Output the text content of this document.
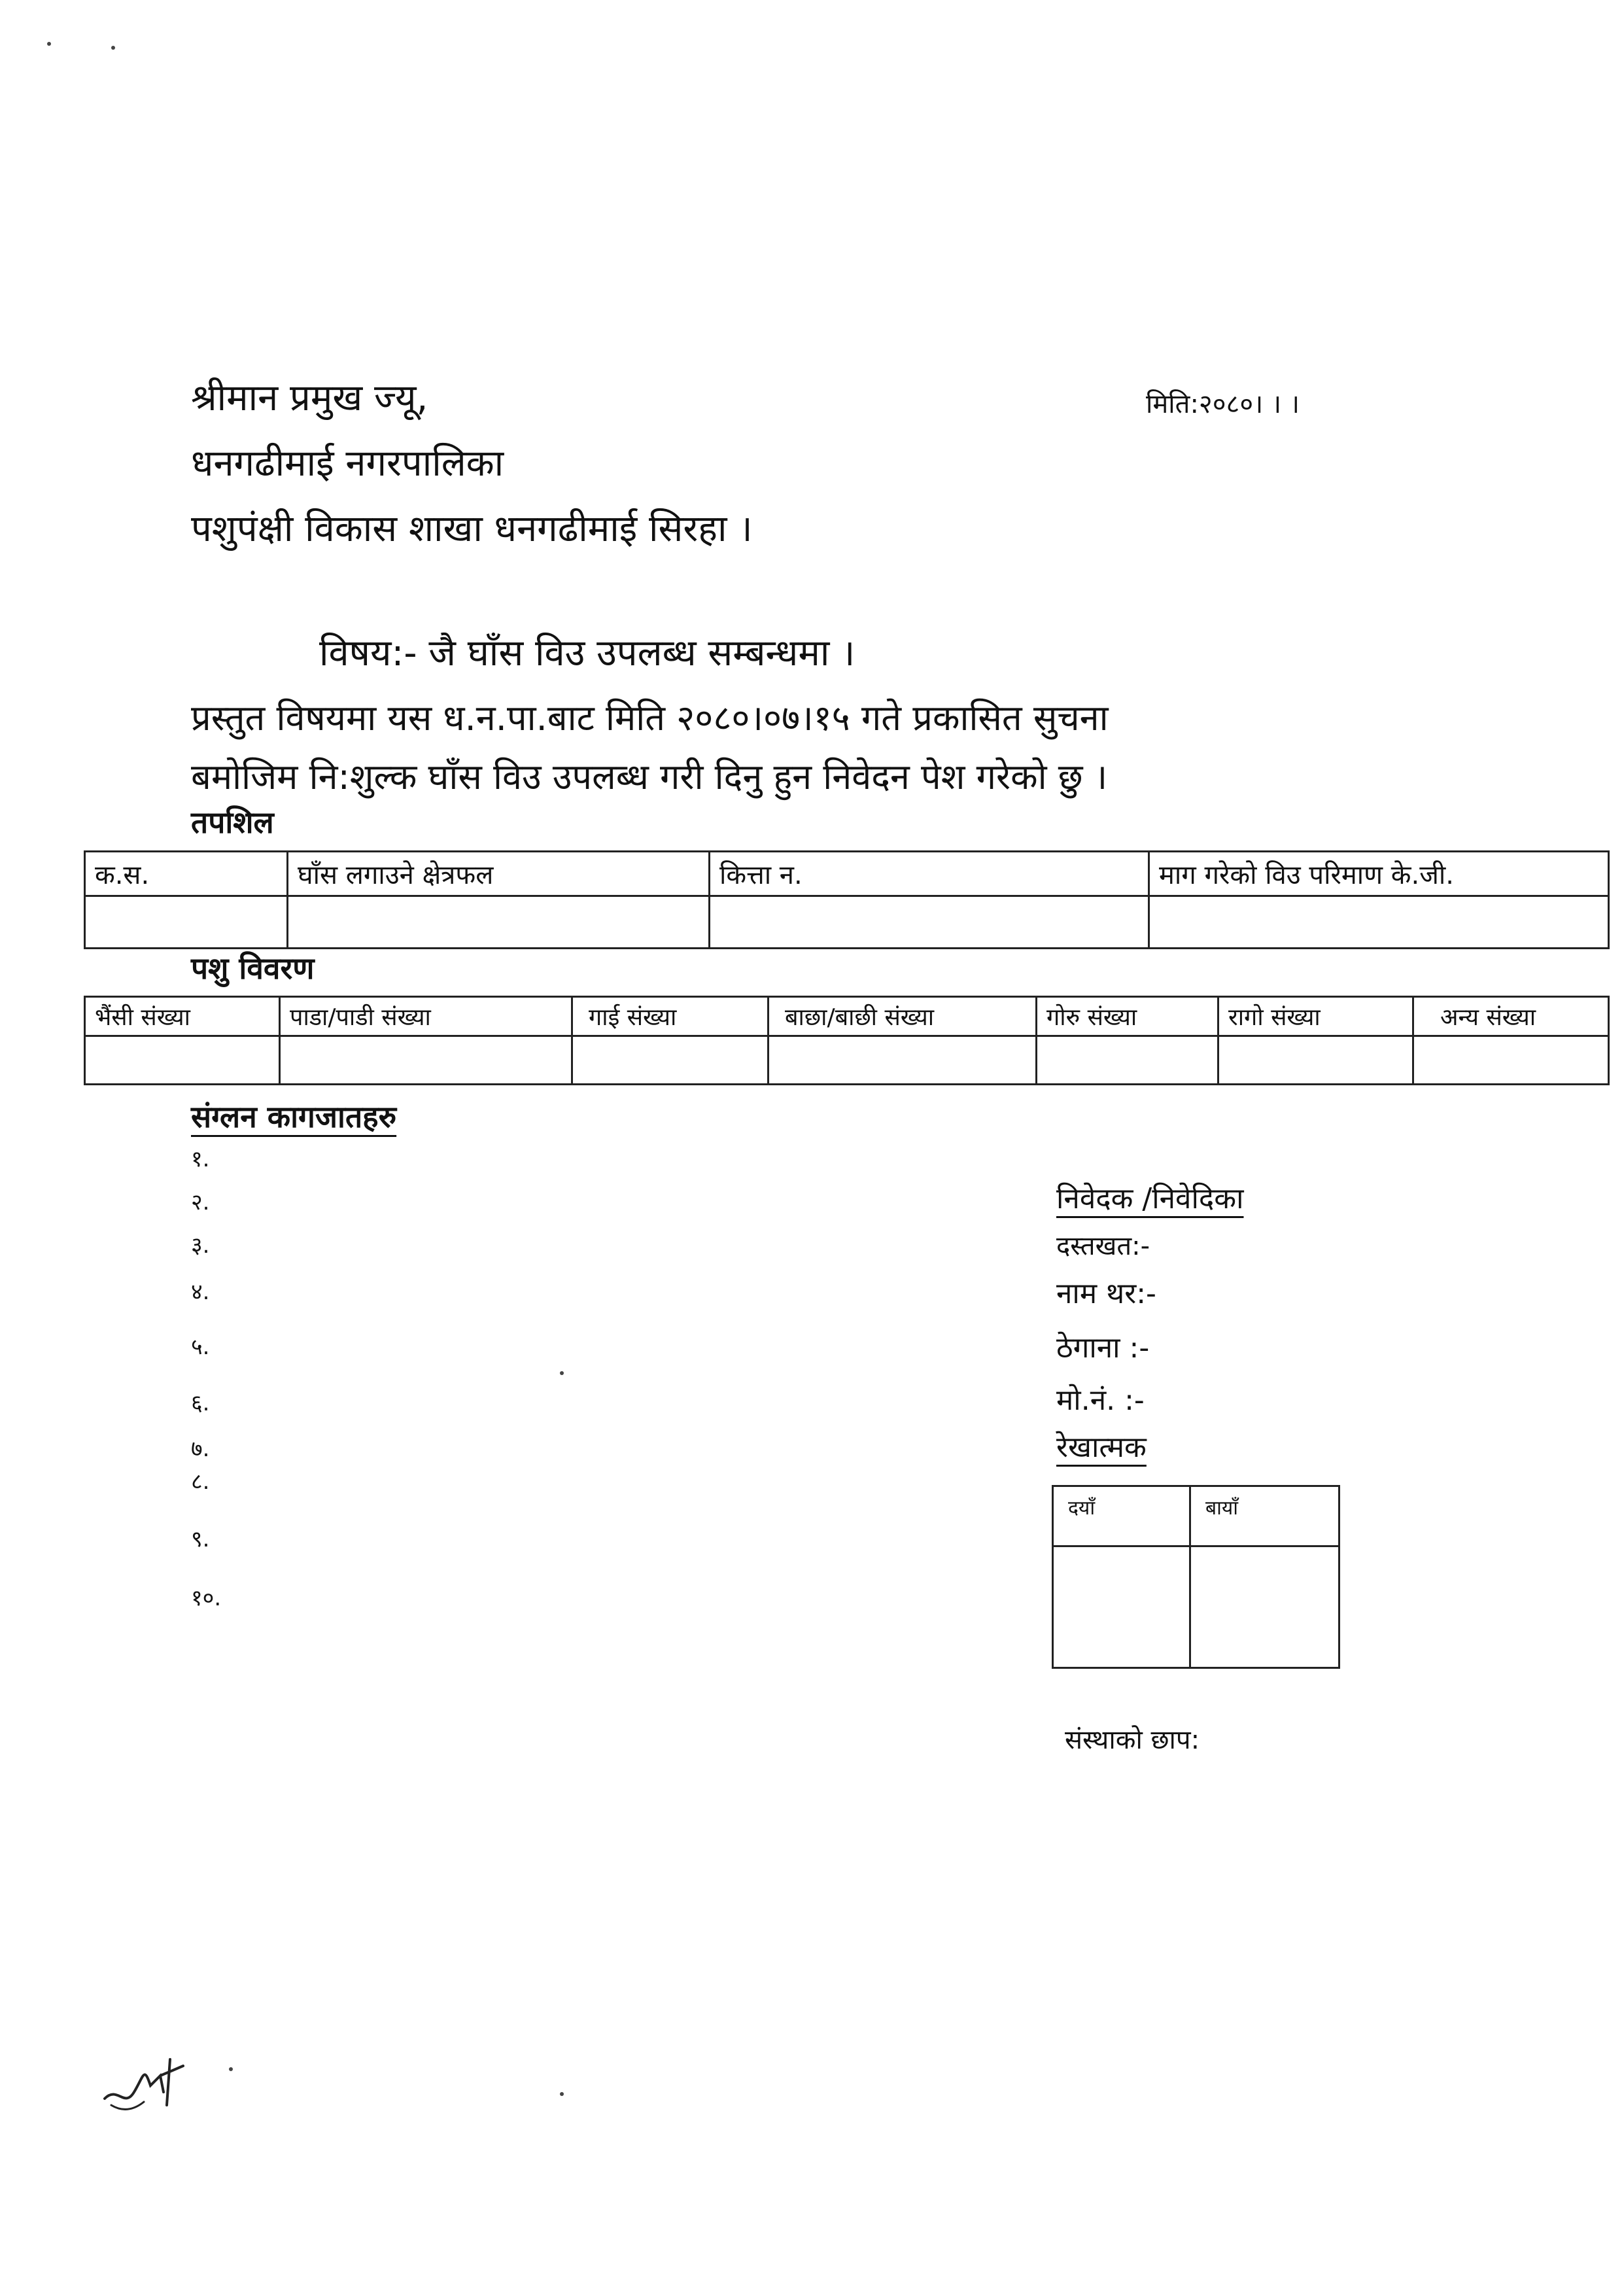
श्रीमान प्रमुख ज्यू,
धनगढीमाई नगरपालिका
पशुपंक्षी विकास शाखा धनगढीमाई सिरहा ।
मिति:२०८०। । ।
विषय:- जै घाँस विउ उपलब्ध सम्बन्धमा ।
प्रस्तुत विषयमा यस ध.न.पा.बाट मिति २०८०।०७।१५ गते प्रकासित सुचना
बमोजिम नि:शुल्क घाँस विउ उपलब्ध गरी दिनु हुन निवेदन पेश गरेको छु ।
तपशिल
क.स.	घाँस लगाउने क्षेत्रफल	कित्ता न.	माग गरेको विउ परिमाण के.जी.

पशु विवरण
भैंसी संख्या	पाडा/पाडी संख्या	गाई संख्या	बाछा/बाछी संख्या	गोरु संख्या	रागो संख्या	अन्य संख्या

संग्लन कागजातहरु
१.
२.
३.
४.
५.
६.
७.
८.
९.
१०.
निवेदक /निवेदिका
दस्तखत:-
नाम थर:-
ठेगाना :-
मो.नं. :-
रेखात्मक
दयाँ	बायाँ

संस्थाको छाप:
